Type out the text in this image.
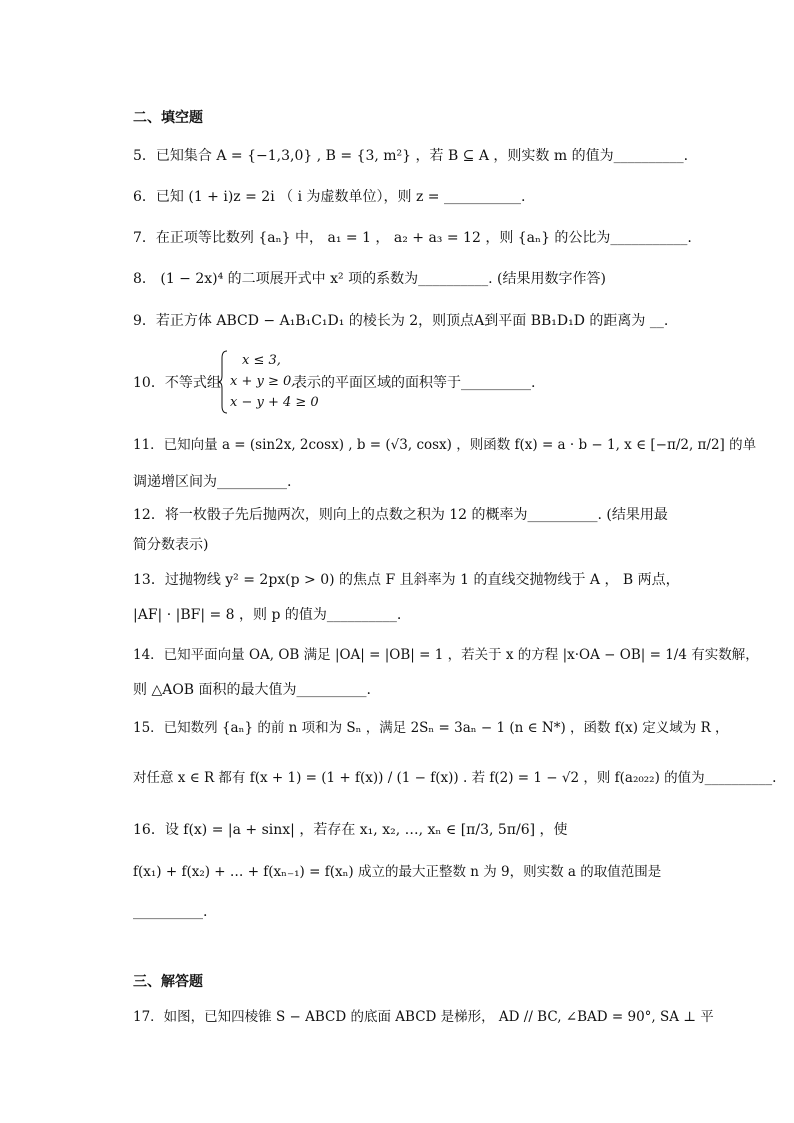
二、填空题
5．已知集合 A = {−1,3,0} , B = {3, m²} ，若 B ⊆ A ，则实数 m 的值为__________.
6．已知 (1 + i)z = 2i （ i 为虚数单位），则 z = ___________.
7．在正项等比数列 {aₙ} 中， a₁ = 1 ， a₂ + a₃ = 12 ，则 {aₙ} 的公比为___________.
8． (1 − 2x)⁴ 的二项展开式中 x² 项的系数为__________. (结果用数字作答)
9．若正方体 ABCD − A₁B₁C₁D₁ 的棱长为 2，则顶点A到平面 BB₁D₁D 的距离为 __.
10．不等式组
x ≤ 3,
x + y ≥ 0,
x − y + 4 ≥ 0
表示的平面区域的面积等于__________.
11．已知向量 a = (sin2x, 2cosx) , b = (√3, cosx) ，则函数 f(x) = a · b − 1, x ∈ [−π/2, π/2] 的单
调递增区间为__________.
12．将一枚骰子先后抛两次，则向上的点数之积为 12 的概率为__________. (结果用最
简分数表示)
13．过抛物线 y² = 2px(p > 0) 的焦点 F 且斜率为 1 的直线交抛物线于 A ， B 两点，
|AF| · |BF| = 8 ，则 p 的值为__________.
14．已知平面向量 OA, OB 满足 |OA| = |OB| = 1 ，若关于 x 的方程 |x·OA − OB| = 1/4 有实数解，
则 △AOB 面积的最大值为__________.
15．已知数列 {aₙ} 的前 n 项和为 Sₙ ，满足 2Sₙ = 3aₙ − 1 (n ∈ N*) ，函数 f(x) 定义域为 R ，
对任意 x ∈ R 都有 f(x + 1) = (1 + f(x)) / (1 − f(x)) . 若 f(2) = 1 − √2 ，则 f(a₂₀₂₂) 的值为__________.
16．设 f(x) = |a + sinx| ，若存在 x₁, x₂, …, xₙ ∈ [π/3, 5π/6] ，使
f(x₁) + f(x₂) + … + f(xₙ₋₁) = f(xₙ) 成立的最大正整数 n 为 9，则实数 a 的取值范围是
__________.
三、解答题
17．如图，已知四棱锥 S − ABCD 的底面 ABCD 是梯形， AD // BC, ∠BAD = 90°, SA ⊥ 平
